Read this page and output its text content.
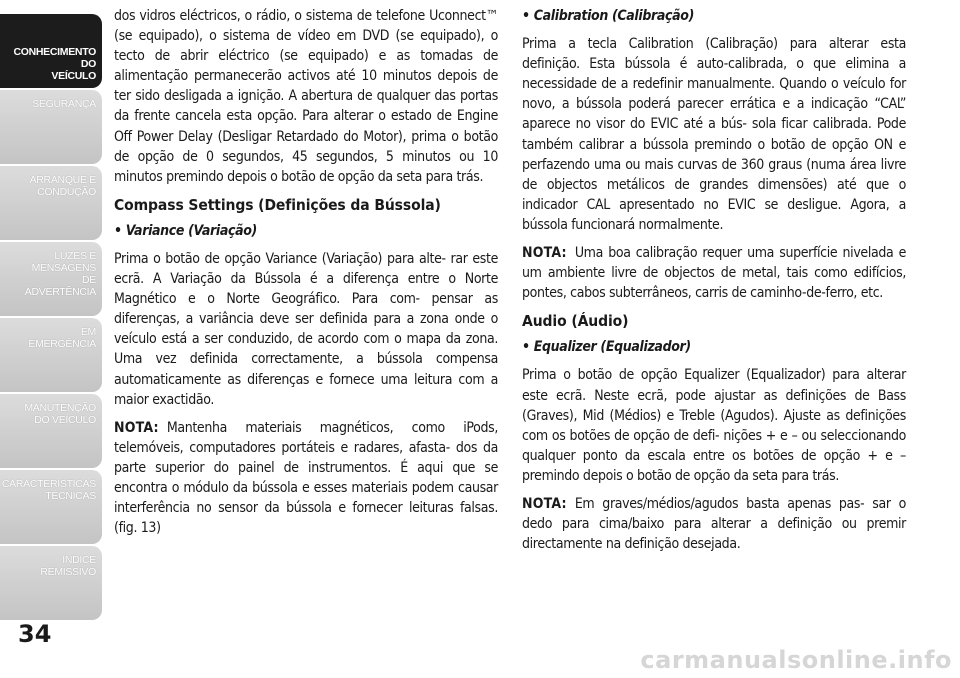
CONHECIMENTO
DO
VEÍCULO
SEGURANÇA
ARRANQUE E
CONDUÇÃO
LUZES E
MENSAGENS
DE
ADVERTÊNCIA
EM
EMERGÊNCIA
MANUTENÇÃO
DO VEÍCULO
CARACTERÍSTICAS
TÉCNICAS
ÍNDICE
REMISSIVO
34

dos vidros eléctricos, o rádio, o sistema de telefone Uconnect™ (se equipado), o sistema de vídeo em DVD (se equipado), o tecto de abrir eléctrico (se equipado) e as tomadas de alimentação permanecerão activos até 10 minutos depois de ter sido desligada a ignição. A abertura de qualquer das portas da frente cancela esta opção. Para alterar o estado de Engine Off Power Delay (Desligar Retardado do Motor), prima o botão de opção de 0 segundos, 45 segundos, 5 minutos ou 10 minutos premindo depois o botão de opção da seta para trás.

Compass Settings (Definições da Bússola)

• Variance (Variação)

Prima o botão de opção Variance (Variação) para alte- rar este ecrã. A Variação da Bússola é a diferença entre o Norte Magnético e o Norte Geográfico. Para com- pensar as diferenças, a variância deve ser definida para a zona onde o veículo está a ser conduzido, de acordo com o mapa da zona. Uma vez definida correctamente, a bússola compensa automaticamente as diferenças e fornece uma leitura com a maior exactidão.

NOTA: Mantenha materiais magnéticos, como iPods, telemóveis, computadores portáteis e radares, afasta- dos da parte superior do painel de instrumentos. É aqui que se encontra o módulo da bússola e esses materiais podem causar interferência no sensor da bússola e fornecer leituras falsas. (fig. 13)

• Calibration (Calibração)

Prima a tecla Calibration (Calibração) para alterar esta definição. Esta bússola é auto-calibrada, o que elimina a necessidade de a redefinir manualmente. Quando o veículo for novo, a bússola poderá parecer errática e a indicação “CAL” aparece no visor do EVIC até a bús- sola ficar calibrada. Pode também calibrar a bússola premindo o botão de opção ON e perfazendo uma ou mais curvas de 360 graus (numa área livre de objectos metálicos de grandes dimensões) até que o indicador CAL apresentado no EVIC se desligue. Agora, a bússola funcionará normalmente.

NOTA: Uma boa calibração requer uma superfície nivelada e um ambiente livre de objectos de metal, tais como edifícios, pontes, cabos subterrâneos, carris de caminho-de-ferro, etc.

Audio (Áudio)

• Equalizer (Equalizador)

Prima o botão de opção Equalizer (Equalizador) para alterar este ecrã. Neste ecrã, pode ajustar as definições de Bass (Graves), Mid (Médios) e Treble (Agudos). Ajuste as definições com os botões de opção de defi- nições + e – ou seleccionando qualquer ponto da escala entre os botões de opção + e – premindo depois o botão de opção da seta para trás.

NOTA: Em graves/médios/agudos basta apenas pas- sar o dedo para cima/baixo para alterar a definição ou premir directamente na definição desejada.

carmanualsonline.info
